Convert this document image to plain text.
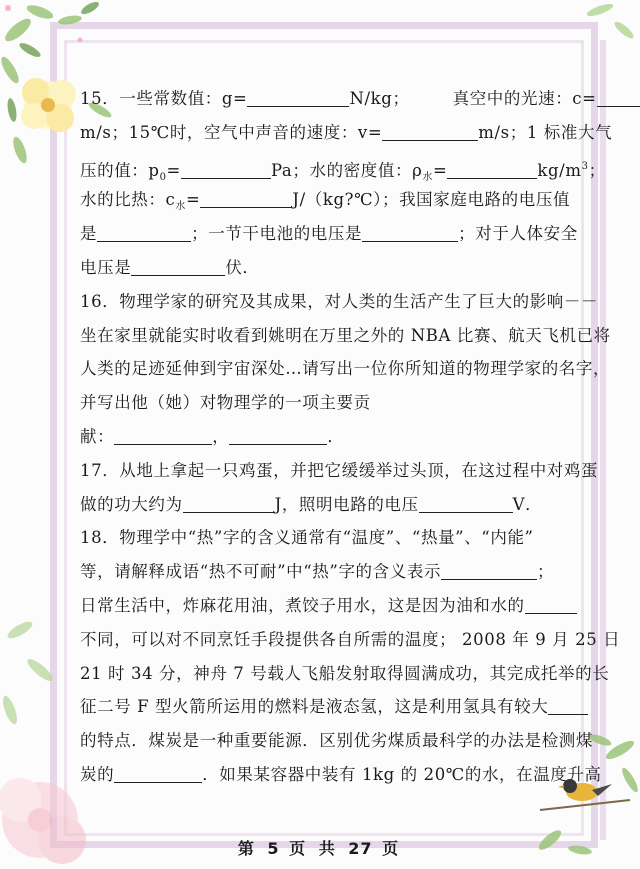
15．一些常数值：g=	N/kg；　　　真空中的光速：c=
m/s；15℃时，空气中声音的速度：v=	m/s；1 标准大气
压的值：$p_0=$	Pa；水的密度值：$\rho_水=$	$kg/m^3$；
水的比热：$c_水=$	J/（kg?℃）；我国家庭电路的电压值
是	；一节干电池的电压是	；对于人体安全
电压是	伏．
16．物理学家的研究及其成果，对人类的生活产生了巨大的影响－－
坐在家里就能实时收看到姚明在万里之外的 NBA 比赛、航天飞机已将
人类的足迹延伸到宇宙深处…请写出一位你所知道的物理学家的名字，
并写出他（她）对物理学的一项主要贡
献：	，	．
17．从地上拿起一只鸡蛋，并把它缓缓举过头顶，在这过程中对鸡蛋
做的功大约为	J，照明电路的电压	V．
18．物理学中“热”字的含义通常有“温度”、“热量”、“内能”
等，请解释成语“热不可耐”中“热”字的含义表示	；
日常生活中，炸麻花用油，煮饺子用水，这是因为油和水的
不同，可以对不同烹饪手段提供各自所需的温度； 2008 年 9 月 25 日
21 时 34 分，神舟 7 号载人飞船发射取得圆满成功，其完成托举的长
征二号 F 型火箭所运用的燃料是液态氢，这是利用氢具有较大
的特点．煤炭是一种重要能源．区别优劣煤质最科学的办法是检测煤
炭的	．如果某容器中装有 1kg 的 20℃的水，在温度升高
第 5 页 共 27 页
